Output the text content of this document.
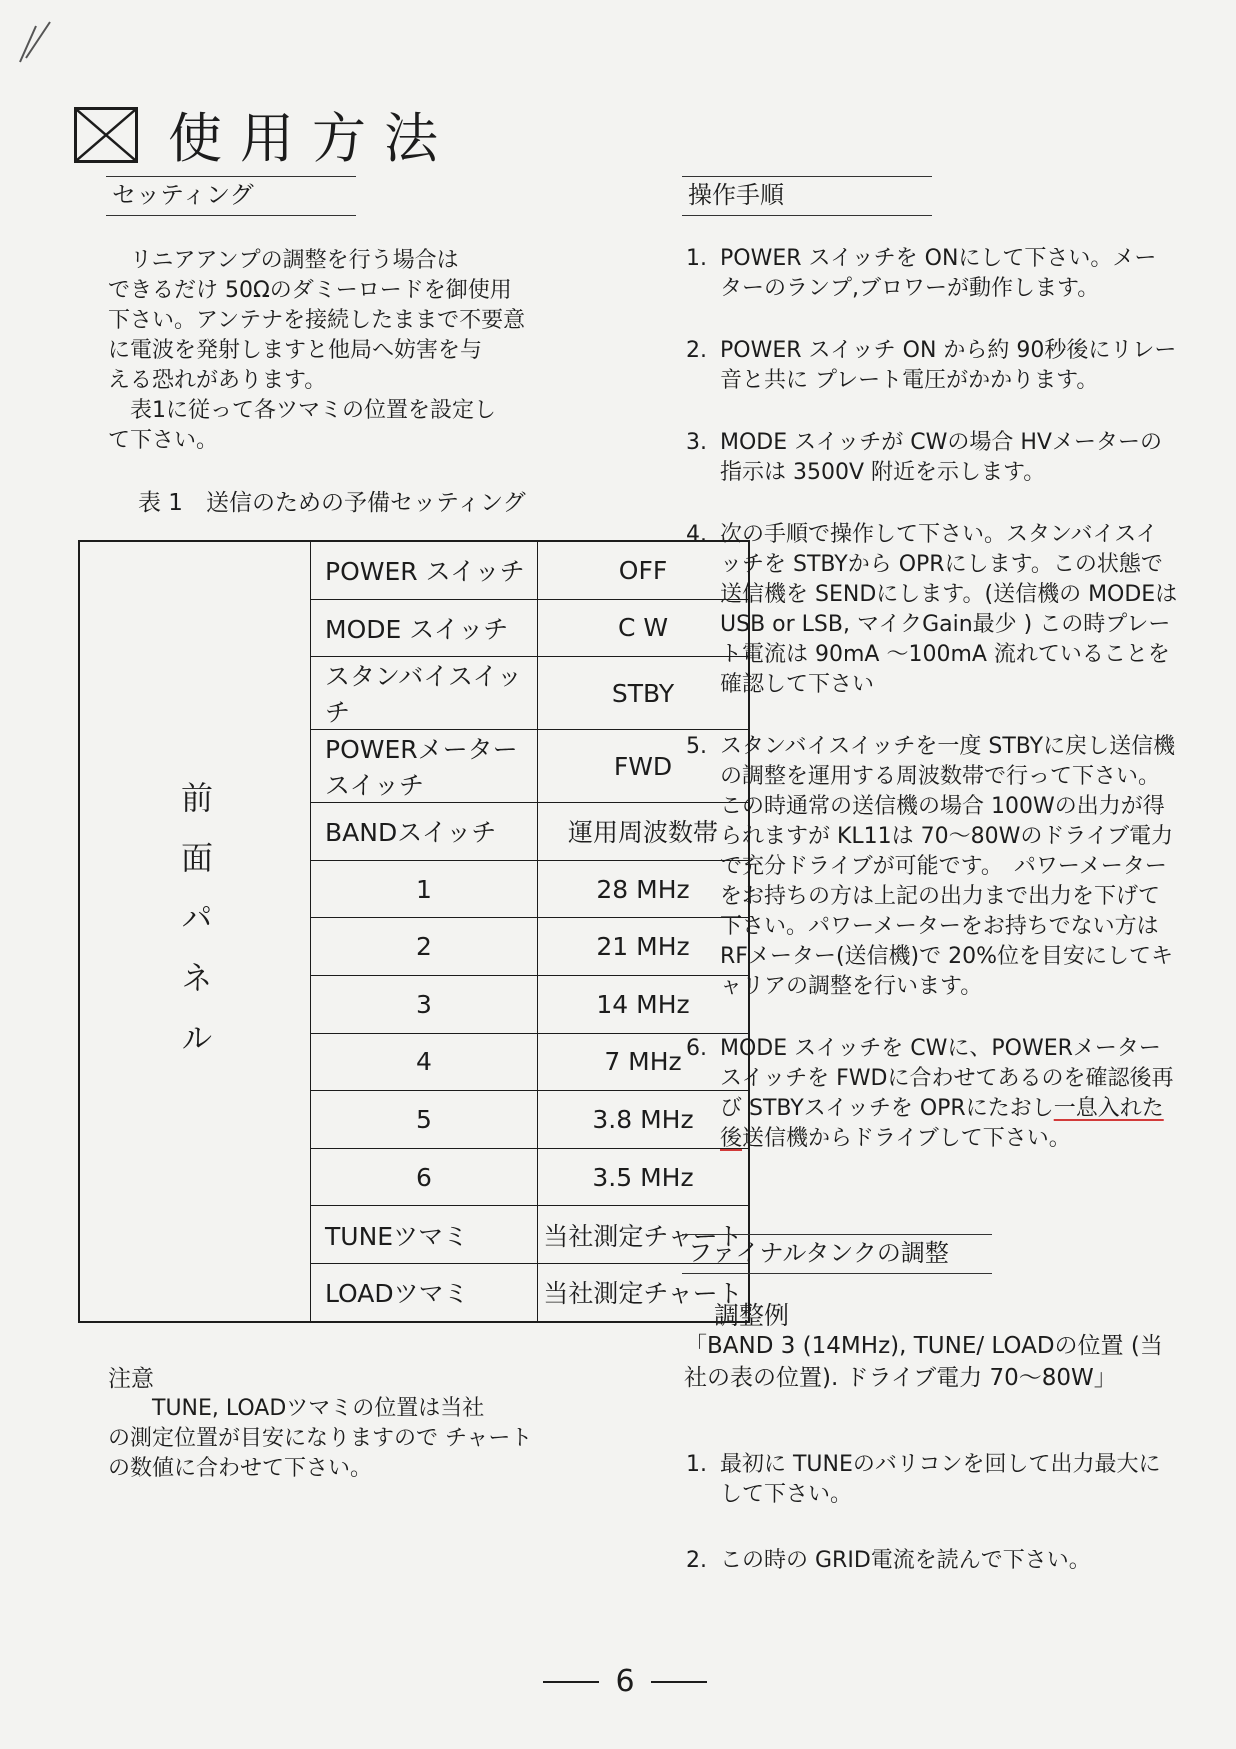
使用方法
セッティング

　リニアアンプの調整を行う場合は

できるだけ 50Ωのダミーロードを御使用

下さい。アンテナを接続したままで不要意

に電波を発射しますと他局へ妨害を与

える恐れがあります。

　表1に従って各ツマミの位置を設定し

て下さい。

表 1　送信のための予備セッティング
前面パネル	POWER スイッチ	OFF
	MODE スイッチ	C W
	スタンバイスイッチ	STBY
	POWERメータースイッチ	FWD
	BANDスイッチ	運用周波数帯
	1	28 MHz
	2	21 MHz
	3	14 MHz
	4	7 MHz
	5	3.8 MHz
	6	3.5 MHz
	TUNEツマミ	当社測定チャート
	LOADツマミ	当社測定チャート
注意

　　TUNE, LOADツマミの位置は当社

の測定位置が目安になりますので チャート

の数値に合わせて下さい。

操作手順
1. POWER スイッチを ONにして下さい。メーターのランプ,ブロワーが動作します。
2. POWER スイッチ ON から約 90秒後にリレー音と共に プレート電圧がかかります。
3. MODE スイッチが CWの場合 HVメーターの指示は 3500V 附近を示します。
4. 次の手順で操作して下さい。スタンバイスイッチを STBYから OPRにします。この状態で送信機を SENDにします。(送信機の MODEは USB or LSB, マイクGain最少 ) この時プレート電流は 90mA ～100mA 流れていることを確認して下さい
5. スタンバイスイッチを一度 STBYに戻し送信機の調整を運用する周波数帯で行って下さい。この時通常の送信機の場合 100Wの出力が得られますが KL11は 70～80Wのドライブ電力で充分ドライブが可能です。　パワーメーターをお持ちの方は上記の出力まで出力を下げて下さい。パワーメーターをお持ちでない方は RFメーター(送信機)で 20%位を目安にしてキャリアの調整を行います。
6. MODE スイッチを CWに、POWERメータースイッチを FWDに合わせてあるのを確認後再び STBYスイッチを OPRにたおし一息入れた後送信機からドライブして下さい。
ファイナルタンクの調整
調整例
「BAND 3 (14MHz), TUNE/ LOADの位置 (当社の表の位置). ドライブ電力 70～80W」
1. 最初に TUNEのバリコンを回して出力最大にして下さい。
2. この時の GRID電流を読んで下さい。
6
